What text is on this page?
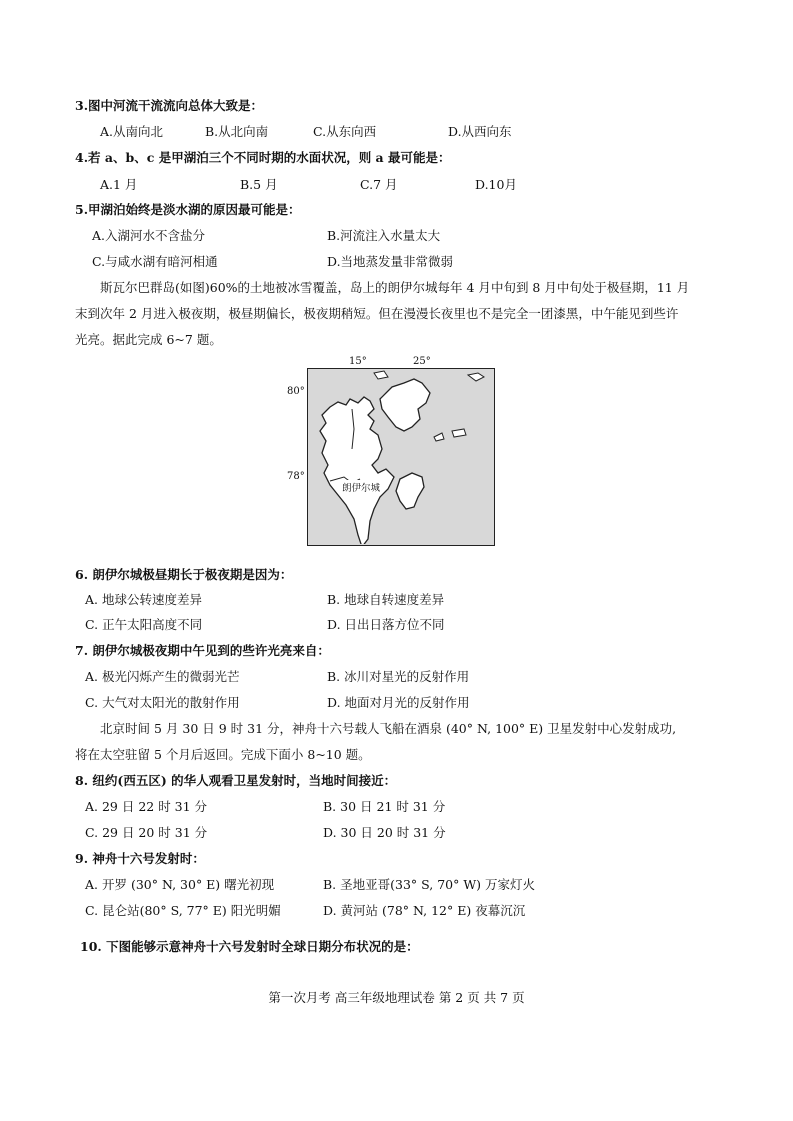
3.图中河流干流流向总体大致是：
A.从南向北	B.从北向南	C.从东向西	D.从西向东
4.若 a、b、c 是甲湖泊三个不同时期的水面状况，则 a 最可能是：
A.1 月	B.5 月	C.7 月	D.10月
5.甲湖泊始终是淡水湖的原因最可能是：
A.入湖河水不含盐分	B.河流注入水量太大
C.与咸水湖有暗河相通	D.当地蒸发量非常微弱
斯瓦尔巴群岛(如图)60%的土地被冰雪覆盖，岛上的朗伊尔城每年 4 月中旬到 8 月中旬处于极昼期，11 月
末到次年 2 月进入极夜期，极昼期偏长，极夜期稍短。但在漫漫长夜里也不是完全一团漆黑，中午能见到些许
光亮。据此完成 6~7 题。
15°	25°
80°
78°
朗伊尔城
6. 朗伊尔城极昼期长于极夜期是因为：
A. 地球公转速度差异	B. 地球自转速度差异
C. 正午太阳高度不同	D. 日出日落方位不同
7. 朗伊尔城极夜期中午见到的些许光亮来自：
A. 极光闪烁产生的微弱光芒	B. 冰川对星光的反射作用
C. 大气对太阳光的散射作用	D. 地面对月光的反射作用
北京时间 5 月 30 日 9 时 31 分，神舟十六号载人飞船在酒泉 (40° N, 100° E) 卫星发射中心发射成功,
将在太空驻留 5 个月后返回。完成下面小 8~10 题。
8. 纽约(西五区) 的华人观看卫星发射时，当地时间接近：
A. 29 日 22 时 31 分	B. 30 日 21 时 31 分
C. 29 日 20 时 31 分	D. 30 日 20 时 31 分
9. 神舟十六号发射时：
A. 开罗 (30° N, 30° E) 曙光初现	B. 圣地亚哥(33° S, 70° W) 万家灯火
C. 昆仑站(80° S, 77° E) 阳光明媚	D. 黄河站 (78° N, 12° E) 夜幕沉沉
10. 下图能够示意神舟十六号发射时全球日期分布状况的是：
第一次月考 高三年级地理试卷 第 2 页 共 7 页
